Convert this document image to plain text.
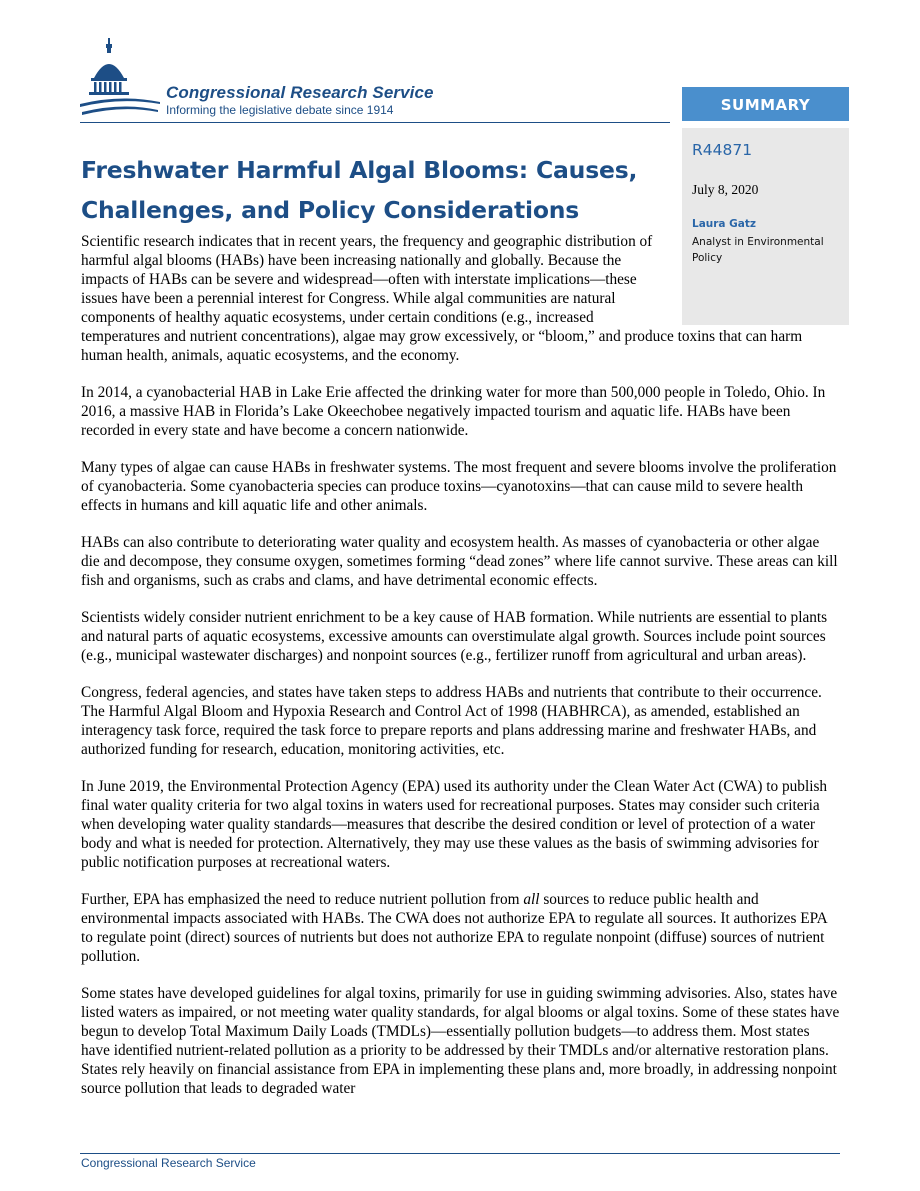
Congressional Research Service
Informing the legislative debate since 1914	SUMMARY
R44871
July 8, 2020
Laura Gatz
Analyst in Environmental Policy
Freshwater Harmful Algal Blooms: Causes, Challenges, and Policy Considerations

Scientific research indicates that in recent years, the frequency and geographic distribution of harmful algal blooms (HABs) have been increasing nationally and globally. Because the impacts of HABs can be severe and widespread—often with interstate implications—these issues have been a perennial interest for Congress. While algal communities are natural components of healthy aquatic ecosystems, under certain conditions (e.g., increased temperatures and nutrient concentrations), algae may grow excessively, or “bloom,” and produce toxins that can harm human health, animals, aquatic ecosystems, and the economy.

In 2014, a cyanobacterial HAB in Lake Erie affected the drinking water for more than 500,000 people in Toledo, Ohio. In 2016, a massive HAB in Florida’s Lake Okeechobee negatively impacted tourism and aquatic life. HABs have been recorded in every state and have become a concern nationwide.

Many types of algae can cause HABs in freshwater systems. The most frequent and severe blooms involve the proliferation of cyanobacteria. Some cyanobacteria species can produce toxins—cyanotoxins—that can cause mild to severe health effects in humans and kill aquatic life and other animals.

HABs can also contribute to deteriorating water quality and ecosystem health. As masses of cyanobacteria or other algae die and decompose, they consume oxygen, sometimes forming “dead zones” where life cannot survive. These areas can kill fish and organisms, such as crabs and clams, and have detrimental economic effects.

Scientists widely consider nutrient enrichment to be a key cause of HAB formation. While nutrients are essential to plants and natural parts of aquatic ecosystems, excessive amounts can overstimulate algal growth. Sources include point sources (e.g., municipal wastewater discharges) and nonpoint sources (e.g., fertilizer runoff from agricultural and urban areas).

Congress, federal agencies, and states have taken steps to address HABs and nutrients that contribute to their occurrence. The Harmful Algal Bloom and Hypoxia Research and Control Act of 1998 (HABHRCA), as amended, established an interagency task force, required the task force to prepare reports and plans addressing marine and freshwater HABs, and authorized funding for research, education, monitoring activities, etc.

In June 2019, the Environmental Protection Agency (EPA) used its authority under the Clean Water Act (CWA) to publish final water quality criteria for two algal toxins in waters used for recreational purposes. States may consider such criteria when developing water quality standards—measures that describe the desired condition or level of protection of a water body and what is needed for protection. Alternatively, they may use these values as the basis of swimming advisories for public notification purposes at recreational waters.

Further, EPA has emphasized the need to reduce nutrient pollution from all sources to reduce public health and environmental impacts associated with HABs. The CWA does not authorize EPA to regulate all sources. It authorizes EPA to regulate point (direct) sources of nutrients but does not authorize EPA to regulate nonpoint (diffuse) sources of nutrient pollution.

Some states have developed guidelines for algal toxins, primarily for use in guiding swimming advisories. Also, states have listed waters as impaired, or not meeting water quality standards, for algal blooms or algal toxins. Some of these states have begun to develop Total Maximum Daily Loads (TMDLs)—essentially pollution budgets—to address them. Most states have identified nutrient-related pollution as a priority to be addressed by their TMDLs and/or alternative restoration plans. States rely heavily on financial assistance from EPA in implementing these plans and, more broadly, in addressing nonpoint source pollution that leads to degraded water

Congressional Research Service
